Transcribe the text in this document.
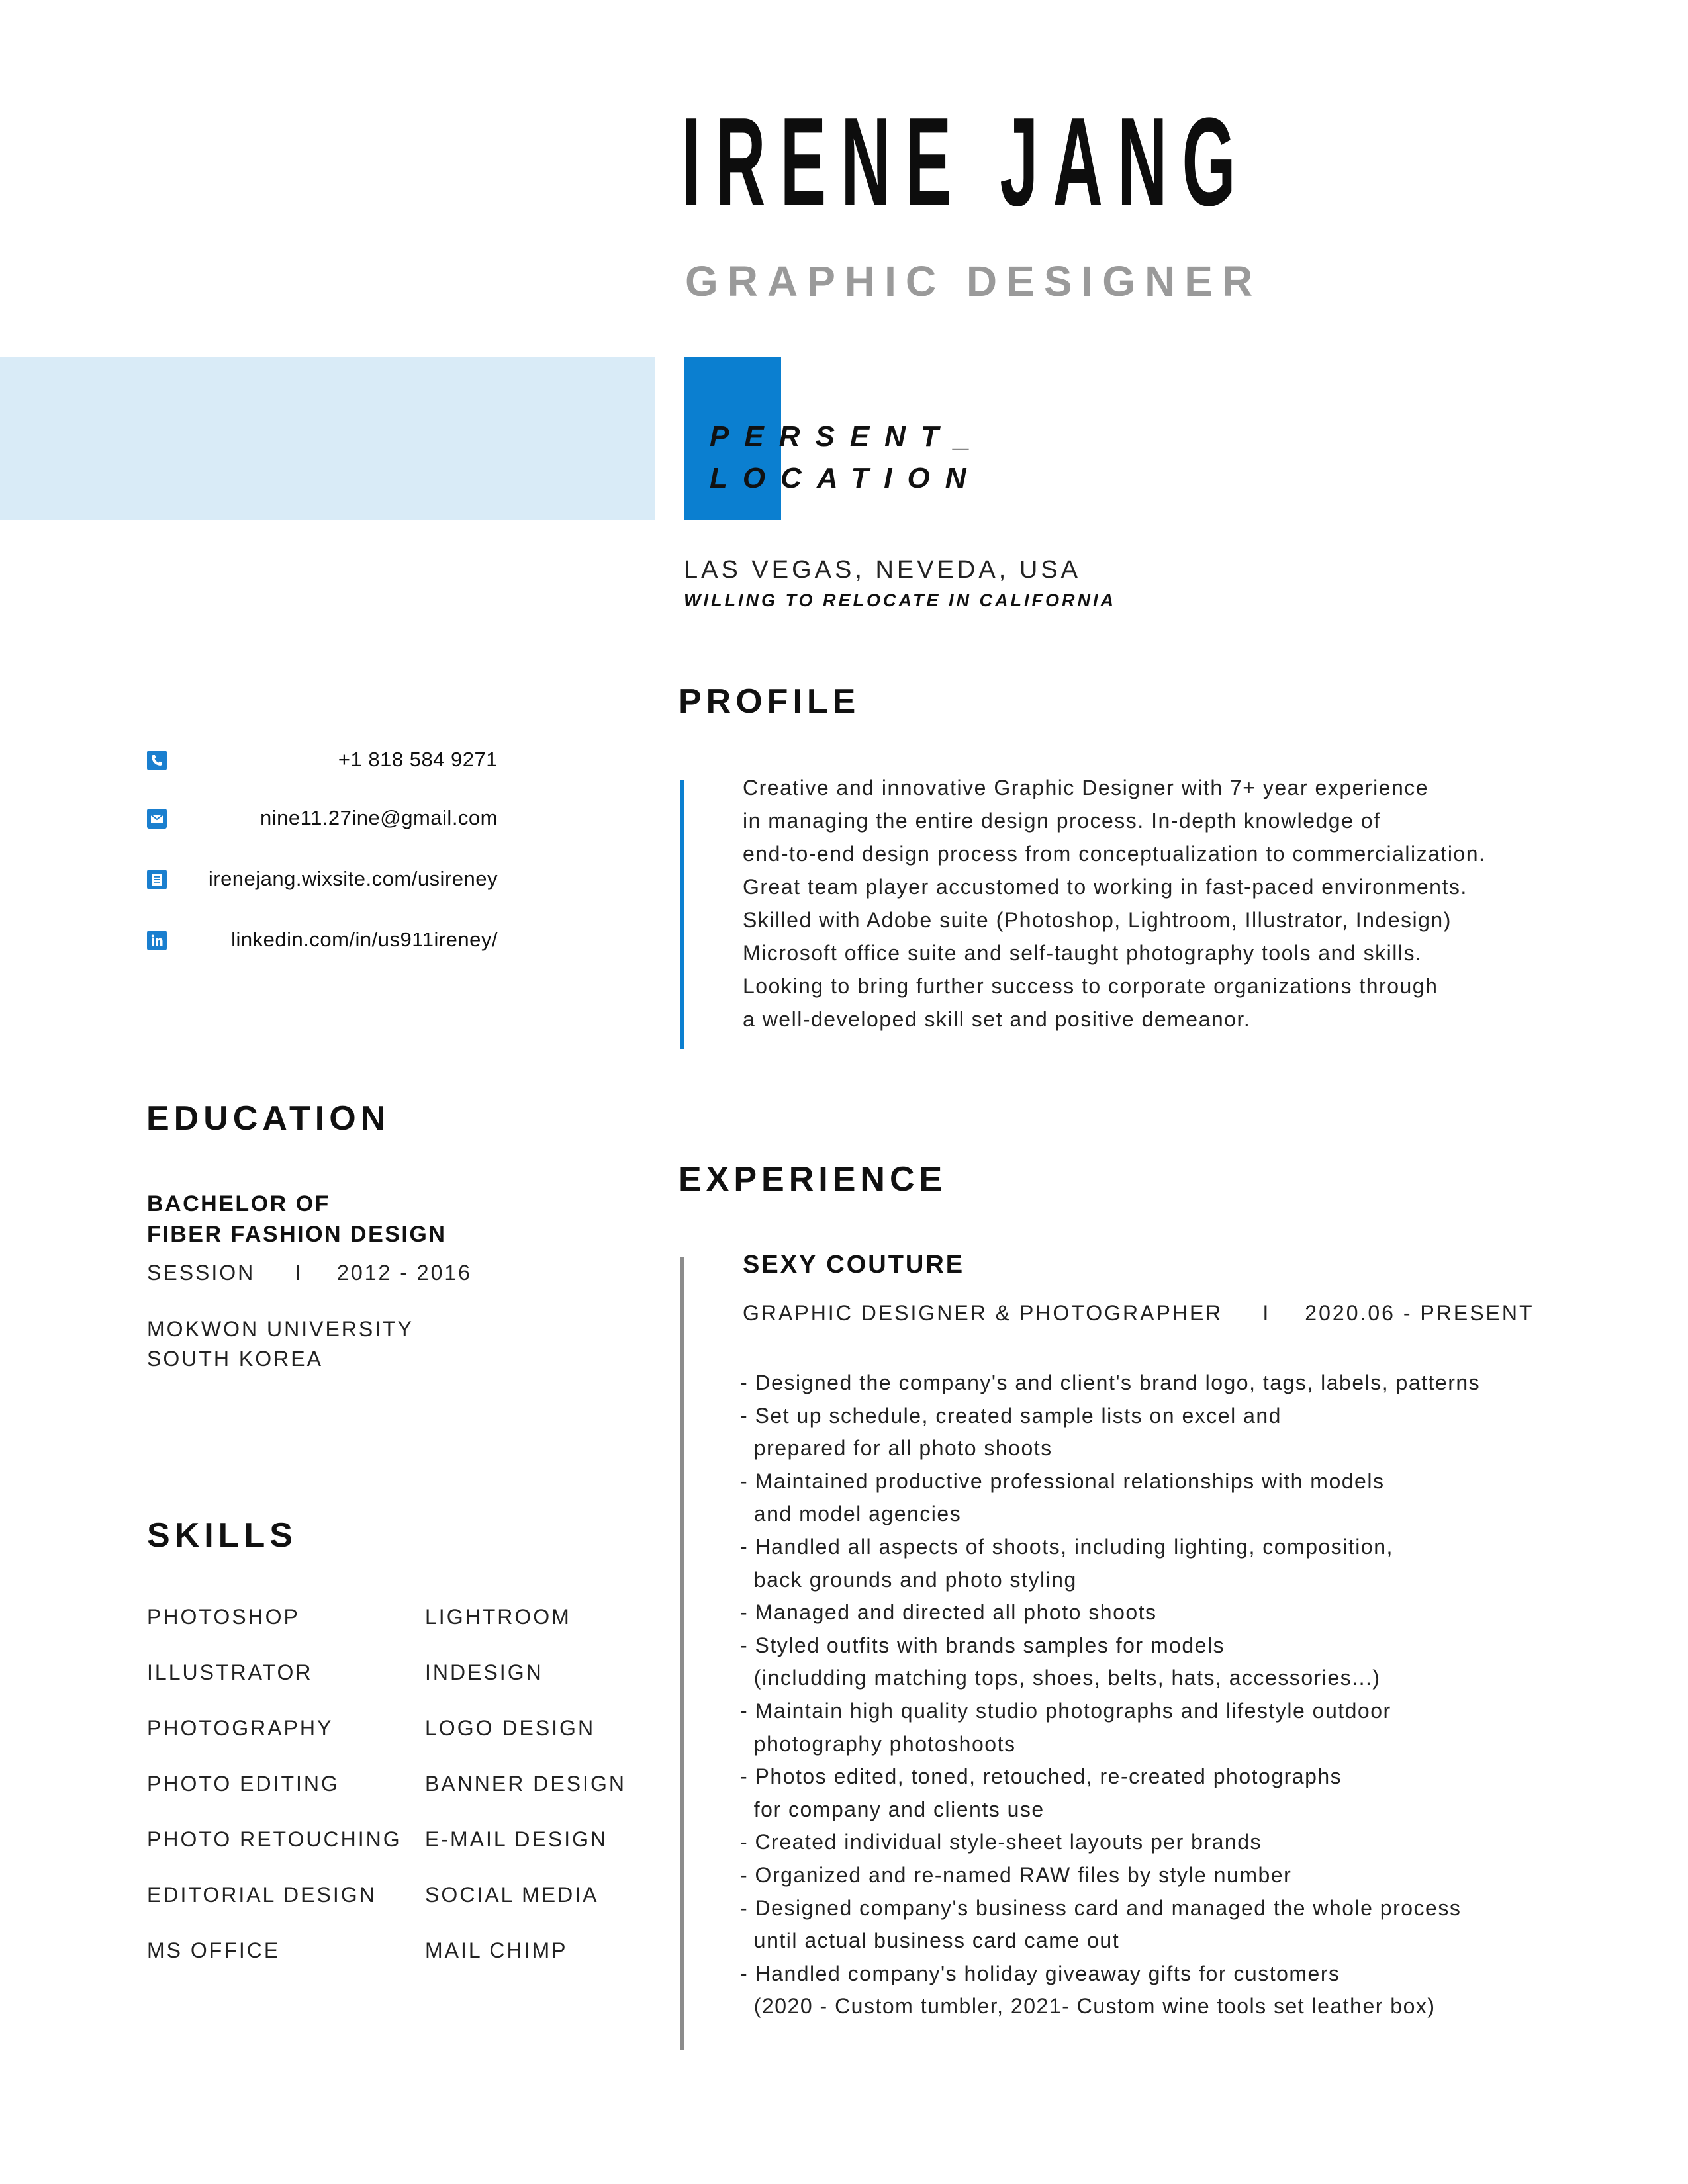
IRENE JANG
GRAPHIC DESIGNER
PERSENT_
LOCATION
LAS VEGAS, NEVEDA, USA
WILLING TO RELOCATE IN CALIFORNIA
PROFILE
Creative and innovative Graphic Designer with 7+ year experience
in managing the entire design process. In-depth knowledge of
end-to-end design process from conceptualization to commercialization.
Great team player accustomed to working in fast-paced environments.
Skilled with Adobe suite (Photoshop, Lightroom, Illustrator, Indesign)
Microsoft office suite and self-taught photography tools and skills.
Looking to bring further success to corporate organizations through
a well-developed skill set and positive demeanor.
+1 818 584 9271
nine11.27ine@gmail.com
irenejang.wixsite.com/usireney
linkedin.com/in/us911ireney/
EDUCATION
BACHELOR OF
FIBER FASHION DESIGN
SESSION I 2012 - 2016
MOKWON UNIVERSITY
SOUTH KOREA
SKILLS
PHOTOSHOP
ILLUSTRATOR
PHOTOGRAPHY
PHOTO EDITING
PHOTO RETOUCHING
EDITORIAL DESIGN
MS OFFICE
LIGHTROOM
INDESIGN
LOGO DESIGN
BANNER DESIGN
E-MAIL DESIGN
SOCIAL MEDIA
MAIL CHIMP
EXPERIENCE
SEXY COUTURE
GRAPHIC DESIGNER & PHOTOGRAPHER I 2020.06 - PRESENT
- Designed the company's and client's brand logo, tags, labels, patterns
- Set up schedule, created sample lists on excel and
prepared for all photo shoots
- Maintained productive professional relationships with models
and model agencies
- Handled all aspects of shoots, including lighting, composition,
back grounds and photo styling
- Managed and directed all photo shoots
- Styled outfits with brands samples for models
(includding matching tops, shoes, belts, hats, accessories...)
- Maintain high quality studio photographs and lifestyle outdoor
photography photoshoots
- Photos edited, toned, retouched, re-created photographs
for company and clients use
- Created individual style-sheet layouts per brands
- Organized and re-named RAW files by style number
- Designed company's business card and managed the whole process
until actual business card came out
- Handled company's holiday giveaway gifts for customers
(2020 - Custom tumbler, 2021- Custom wine tools set leather box)
